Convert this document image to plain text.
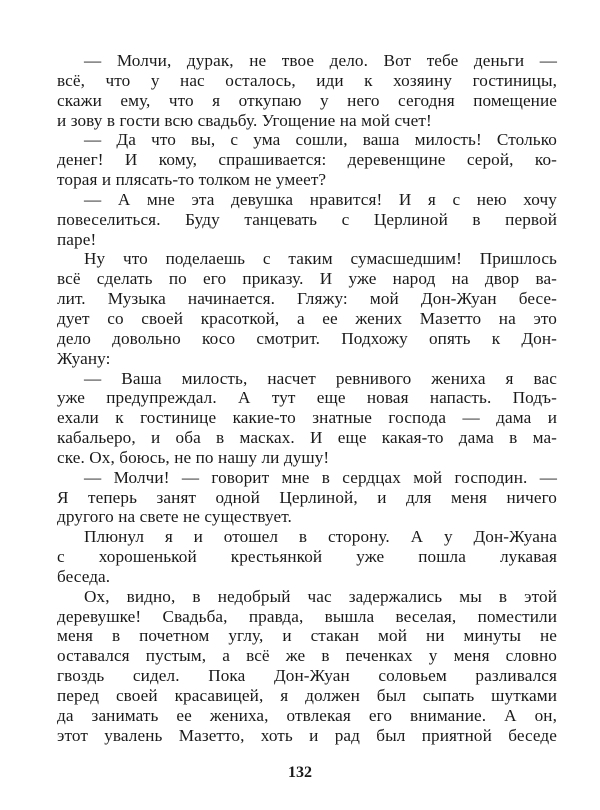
— Молчи, дурак, не твое дело. Вот тебе деньги —
всё, что у нас осталось, иди к хозяину гостиницы,
скажи ему, что я откупаю у него сегодня помещение
и зову в гости всю свадьбу. Угощение на мой счет!
— Да что вы, с ума сошли, ваша милость! Столько
денег! И кому, спрашивается: деревенщине серой, ко-
торая и плясать-то толком не умеет?
— А мне эта девушка нравится! И я с нею хочу
повеселиться. Буду танцевать с Церлиной в первой
паре!
Ну что поделаешь с таким сумасшедшим! Пришлось
всё сделать по его приказу. И уже народ на двор ва-
лит. Музыка начинается. Гляжу: мой Дон-Жуан бесе-
дует со своей красоткой, а ее жених Мазетто на это
дело довольно косо смотрит. Подхожу опять к Дон-
Жуану:
— Ваша милость, насчет ревнивого жениха я вас
уже предупреждал. А тут еще новая напасть. Подъ-
ехали к гостинице какие-то знатные господа — дама и
кабальеро, и оба в масках. И еще какая-то дама в ма-
ске. Ох, боюсь, не по нашу ли душу!
— Молчи! — говорит мне в сердцах мой господин. —
Я теперь занят одной Церлиной, и для меня ничего
другого на свете не существует.
Плюнул я и отошел в сторону. А у Дон-Жуана
с хорошенькой крестьянкой уже пошла лукавая
беседа.
Ох, видно, в недобрый час задержались мы в этой
деревушке! Свадьба, правда, вышла веселая, поместили
меня в почетном углу, и стакан мой ни минуты не
оставался пустым, а всё же в печенках у меня словно
гвоздь сидел. Пока Дон-Жуан соловьем разливался
перед своей красавицей, я должен был сыпать шутками
да занимать ее жениха, отвлекая его внимание. А он,
этот увалень Мазетто, хоть и рад был приятной беседе
132
